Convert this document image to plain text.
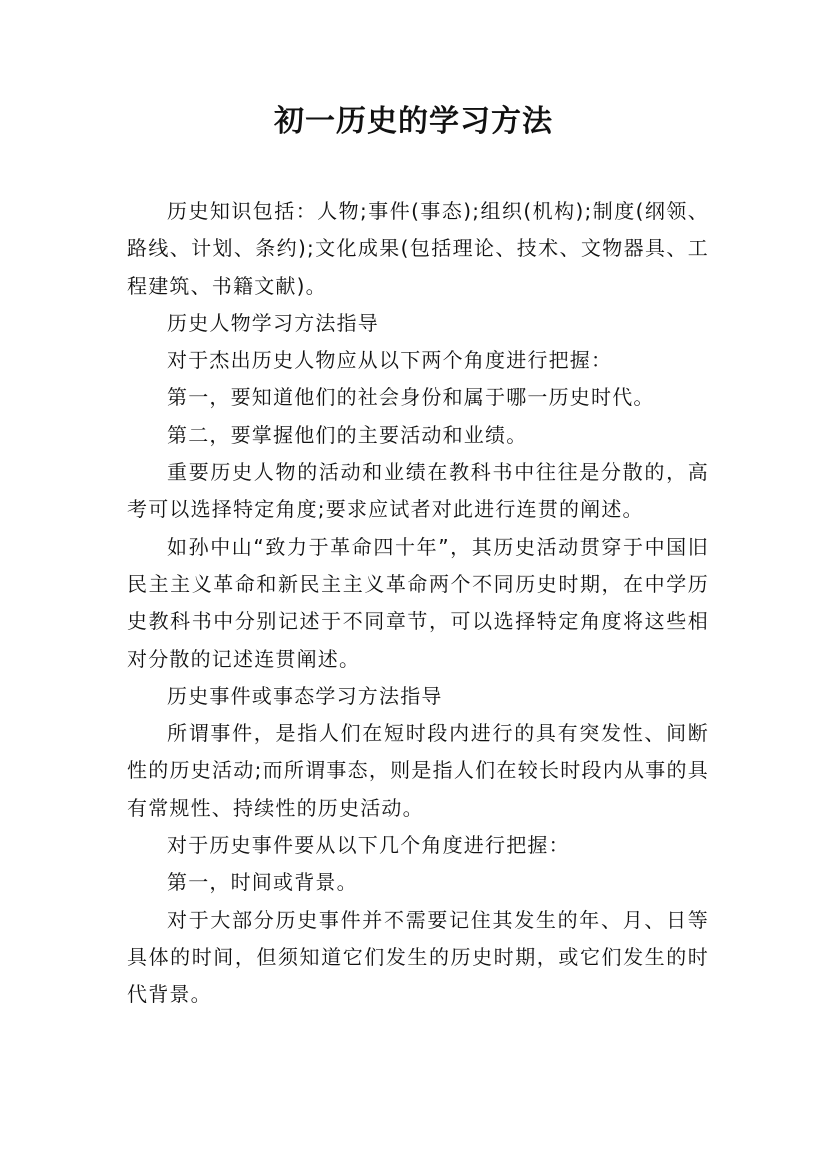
初一历史的学习方法

历史知识包括：人物;事件(事态);组织(机构);制度(纲领、路线、计划、条约);文化成果(包括理论、技术、文物器具、工程建筑、书籍文献)。

历史人物学习方法指导

对于杰出历史人物应从以下两个角度进行把握：

第一，要知道他们的社会身份和属于哪一历史时代。

第二，要掌握他们的主要活动和业绩。

重要历史人物的活动和业绩在教科书中往往是分散的，高考可以选择特定角度;要求应试者对此进行连贯的阐述。

如孙中山“致力于革命四十年”，其历史活动贯穿于中国旧民主主义革命和新民主主义革命两个不同历史时期，在中学历史教科书中分别记述于不同章节，可以选择特定角度将这些相对分散的记述连贯阐述。

历史事件或事态学习方法指导

所谓事件，是指人们在短时段内进行的具有突发性、间断性的历史活动;而所谓事态，则是指人们在较长时段内从事的具有常规性、持续性的历史活动。

对于历史事件要从以下几个角度进行把握：

第一，时间或背景。

对于大部分历史事件并不需要记住其发生的年、月、日等具体的时间，但须知道它们发生的历史时期，或它们发生的时代背景。
